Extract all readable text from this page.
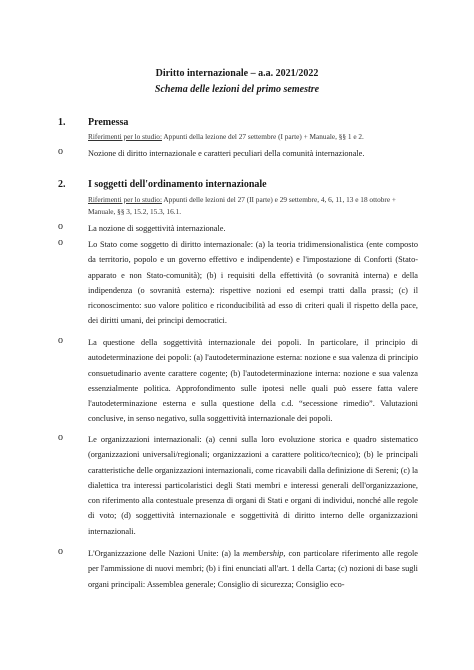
Diritto internazionale – a.a. 2021/2022
Schema delle lezioni del primo semestre
1. Premessa
Riferimenti per lo studio: Appunti della lezione del 27 settembre (I parte) + Manuale, §§ 1 e 2.
o	Nozione di diritto internazionale e caratteri peculiari della comunità internazionale.
2. I soggetti dell'ordinamento internazionale
Riferimenti per lo studio: Appunti delle lezioni del 27 (II parte) e 29 settembre, 4, 6, 11, 13 e 18 ottobre + Manuale, §§ 3, 15.2, 15.3, 16.1.
o	La nozione di soggettività internazionale.
o	Lo Stato come soggetto di diritto internazionale: (a) la teoria tridimensionalistica (ente composto da territorio, popolo e un governo effettivo e indipendente) e l'impostazione di Conforti (Stato-apparato e non Stato-comunità); (b) i requisiti della effettività (o sovranità interna) e della indipendenza (o sovranità esterna): rispettive nozioni ed esempi tratti dalla prassi; (c) il riconoscimento: suo valore politico e riconducibilità ad esso di criteri quali il rispetto della pace, dei diritti umani, dei principi democratici.
o	La questione della soggettività internazionale dei popoli. In particolare, il principio di autodeterminazione dei popoli: (a) l'autodeterminazione esterna: nozione e sua valenza di principio consuetudinario avente carattere cogente; (b) l'autodeterminazione interna: nozione e sua valenza essenzialmente politica. Approfondimento sulle ipotesi nelle quali può essere fatta valere l'autodeterminazione esterna e sulla questione della c.d. “secessione rimedio”. Valutazioni conclusive, in senso negativo, sulla soggettività internazionale dei popoli.
o	Le organizzazioni internazionali: (a) cenni sulla loro evoluzione storica e quadro sistematico (organizzazioni universali/regionali; organizzazioni a carattere politico/tecnico); (b) le principali caratteristiche delle organizzazioni internazionali, come ricavabili dalla definizione di Sereni; (c) la dialettica tra interessi particolaristici degli Stati membri e interessi generali dell'organizzazione, con riferimento alla contestuale presenza di organi di Stati e organi di individui, nonché alle regole di voto; (d) soggettività internazionale e soggettività di diritto interno delle organizzazioni internazionali.
o	L'Organizzazione delle Nazioni Unite: (a) la membership, con particolare riferimento alle regole per l'ammissione di nuovi membri; (b) i fini enunciati all'art. 1 della Carta; (c) nozioni di base sugli organi principali: Assemblea generale; Consiglio di sicurezza; Consiglio eco-
